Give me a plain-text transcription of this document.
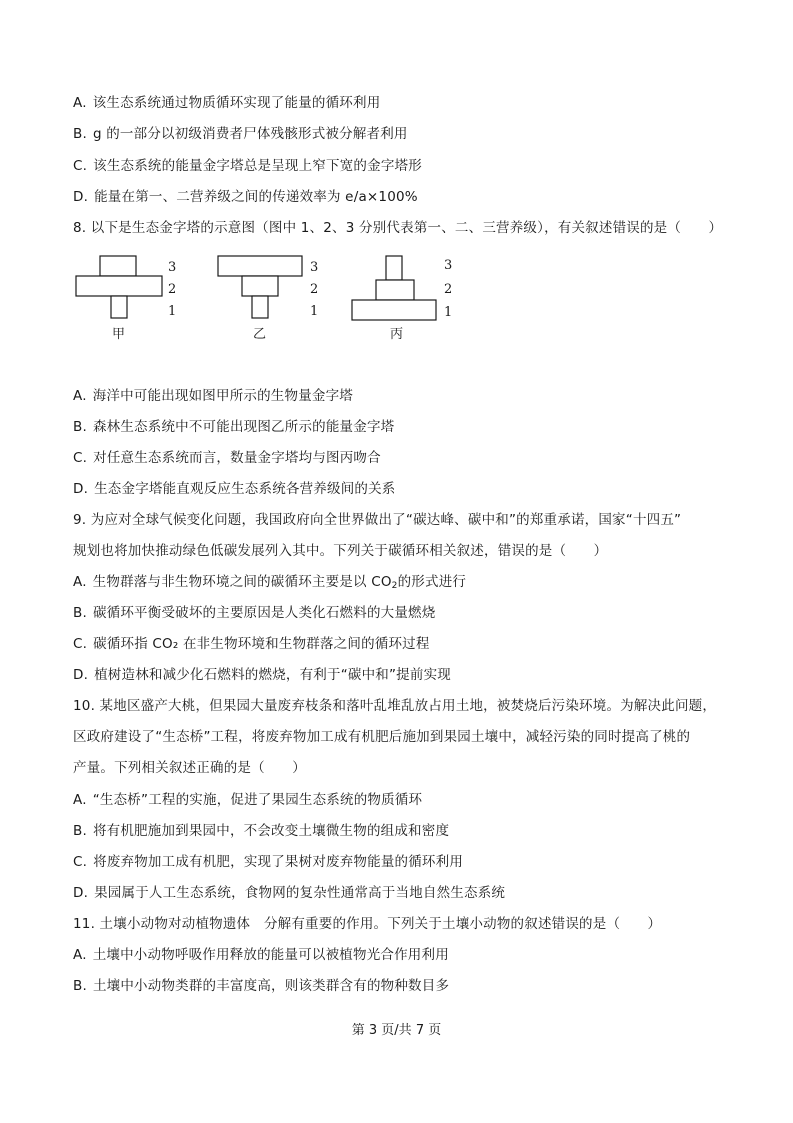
A. 该生态系统通过物质循环实现了能量的循环利用
B. g 的一部分以初级消费者尸体残骸形式被分解者利用
C. 该生态系统的能量金字塔总是呈现上窄下宽的金字塔形
D. 能量在第一、二营养级之间的传递效率为 e/a×100%
8. 以下是生态金字塔的示意图（图中 1、2、3 分别代表第一、二、三营养级），有关叙述错误的是（　　）
3
2
1
甲
3
2
1
乙
3
2
1
丙
A. 海洋中可能出现如图甲所示的生物量金字塔
B. 森林生态系统中不可能出现图乙所示的能量金字塔
C. 对任意生态系统而言，数量金字塔均与图丙吻合
D. 生态金字塔能直观反应生态系统各营养级间的关系
9. 为应对全球气候变化问题，我国政府向全世界做出了“碳达峰、碳中和”的郑重承诺，国家“十四五”
规划也将加快推动绿色低碳发展列入其中。下列关于碳循环相关叙述，错误的是（　　）
A. 生物群落与非生物环境之间的碳循环主要是以 $CO_2$的形式进行
B. 碳循环平衡受破坏的主要原因是人类化石燃料的大量燃烧
C. 碳循环指 CO₂ 在非生物环境和生物群落之间的循环过程
D. 植树造林和减少化石燃料的燃烧，有利于“碳中和”提前实现
10. 某地区盛产大桃，但果园大量废弃枝条和落叶乱堆乱放占用土地，被焚烧后污染环境。为解决此问题，
区政府建设了“生态桥”工程，将废弃物加工成有机肥后施加到果园土壤中，减轻污染的同时提高了桃的
产量。下列相关叙述正确的是（　　）
A. “生态桥”工程的实施，促进了果园生态系统的物质循环
B. 将有机肥施加到果园中，不会改变土壤微生物的组成和密度
C. 将废弃物加工成有机肥，实现了果树对废弃物能量的循环利用
D. 果园属于人工生态系统，食物网的复杂性通常高于当地自然生态系统
11. 土壤小动物对动植物遗体　分解有重要的作用。下列关于土壤小动物的叙述错误的是（　　）
A. 土壤中小动物呼吸作用释放的能量可以被植物光合作用利用
B. 土壤中小动物类群的丰富度高，则该类群含有的物种数目多
第 3 页/共 7 页
